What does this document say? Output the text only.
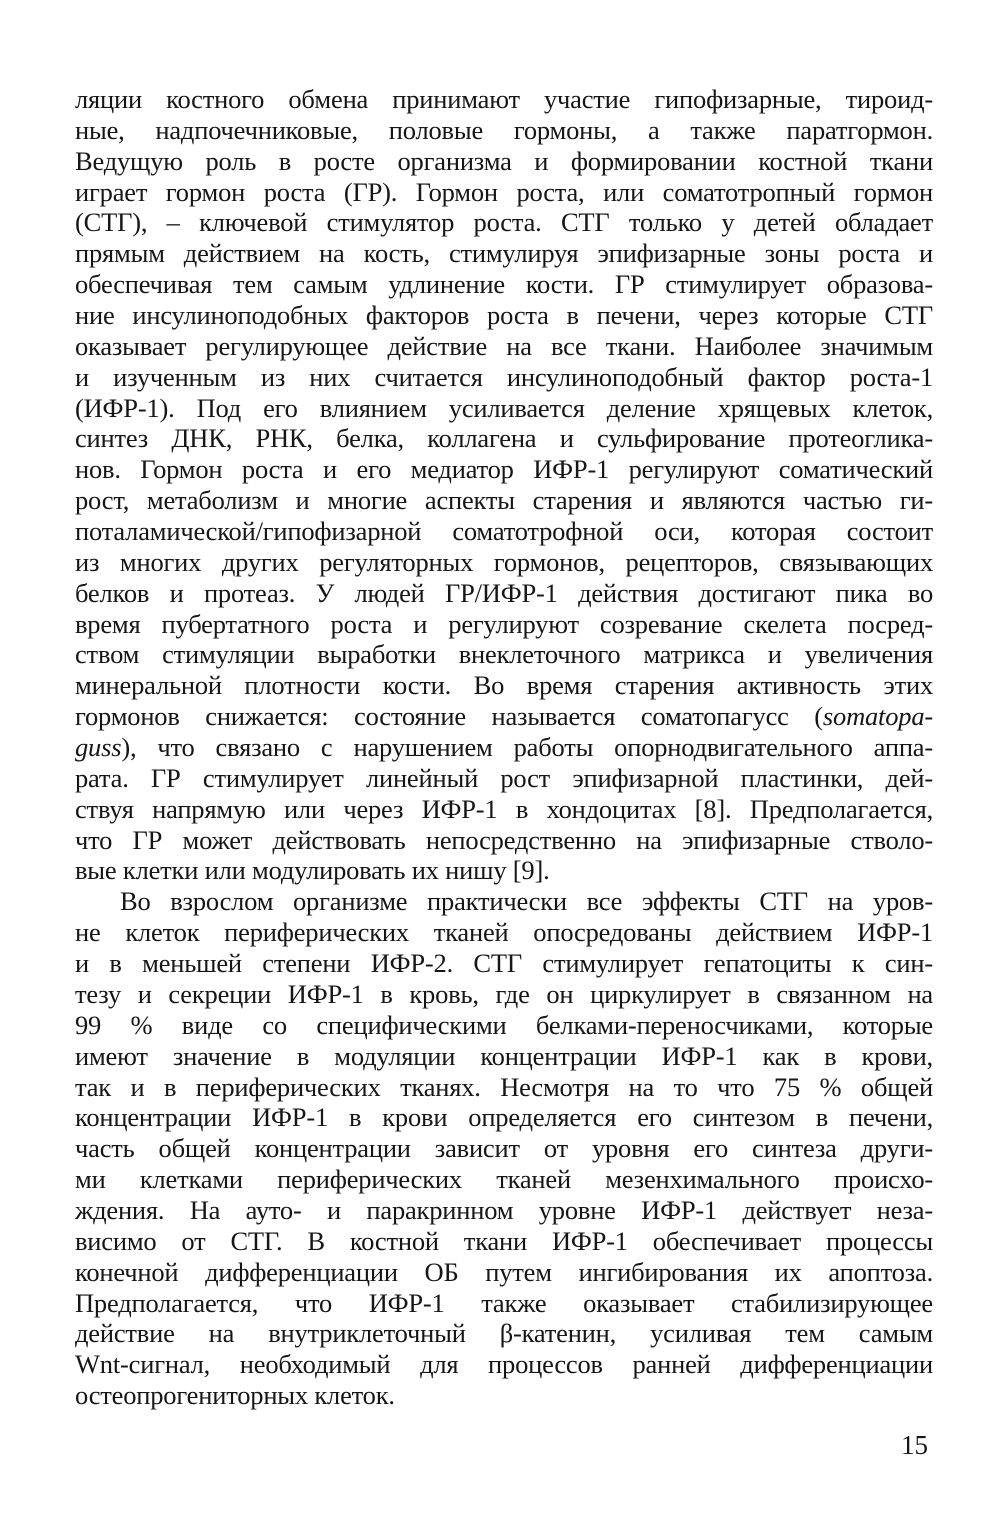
ляции костного обмена принимают участие гипофизарные, тироид-
ные, надпочечниковые, половые гормоны, а также паратгормон.
Ведущую роль в росте организма и формировании костной ткани
играет гормон роста (ГР). Гормон роста, или соматотропный гормон
(СТГ), – ключевой стимулятор роста. СТГ только у детей обладает
прямым действием на кость, стимулируя эпифизарные зоны роста и
обеспечивая тем самым удлинение кости. ГР стимулирует образова-
ние инсулиноподобных факторов роста в печени, через которые СТГ
оказывает регулирующее действие на все ткани. Наиболее значимым
и изученным из них считается инсулиноподобный фактор роста-1
(ИФР-1). Под его влиянием усиливается деление хрящевых клеток,
синтез ДНК, РНК, белка, коллагена и сульфирование протеоглика-
нов. Гормон роста и его медиатор ИФР-1 регулируют соматический
рост, метаболизм и многие аспекты старения и являются частью ги-
поталамической/гипофизарной соматотрофной оси, которая состоит
из многих других регуляторных гормонов, рецепторов, связывающих
белков и протеаз. У людей ГР/ИФР-1 действия достигают пика во
время пубертатного роста и регулируют созревание скелета посред-
ством стимуляции выработки внеклеточного матрикса и увеличения
минеральной плотности кости. Во время старения активность этих
гормонов снижается: состояние называется соматопагусс (somatopa-
guss), что связано с нарушением работы опорнодвигательного аппа-
рата. ГР стимулирует линейный рост эпифизарной пластинки, дей-
ствуя напрямую или через ИФР-1 в хондоцитах [8]. Предполагается,
что ГР может действовать непосредственно на эпифизарные стволо-
вые клетки или модулировать их нишу [9].
Во взрослом организме практически все эффекты СТГ на уров-
не клеток периферических тканей опосредованы действием ИФР-1
и в меньшей степени ИФР-2. СТГ стимулирует гепатоциты к син-
тезу и секреции ИФР-1 в кровь, где он циркулирует в связанном на
99 % виде со специфическими белками-переносчиками, которые
имеют значение в модуляции концентрации ИФР-1 как в крови,
так и в периферических тканях. Несмотря на то что 75 % общей
концентрации ИФР-1 в крови определяется его синтезом в печени,
часть общей концентрации зависит от уровня его синтеза други-
ми клетками периферических тканей мезенхимального происхо-
ждения. На ауто- и паракринном уровне ИФР-1 действует неза-
висимо от СТГ. В костной ткани ИФР-1 обеспечивает процессы
конечной дифференциации ОБ путем ингибирования их апоптоза.
Предполагается, что ИФР-1 также оказывает стабилизирующее
действие на внутриклеточный β-катенин, усиливая тем самым
Wnt-сигнал, необходимый для процессов ранней дифференциации
остеопрогениторных клеток.
15
